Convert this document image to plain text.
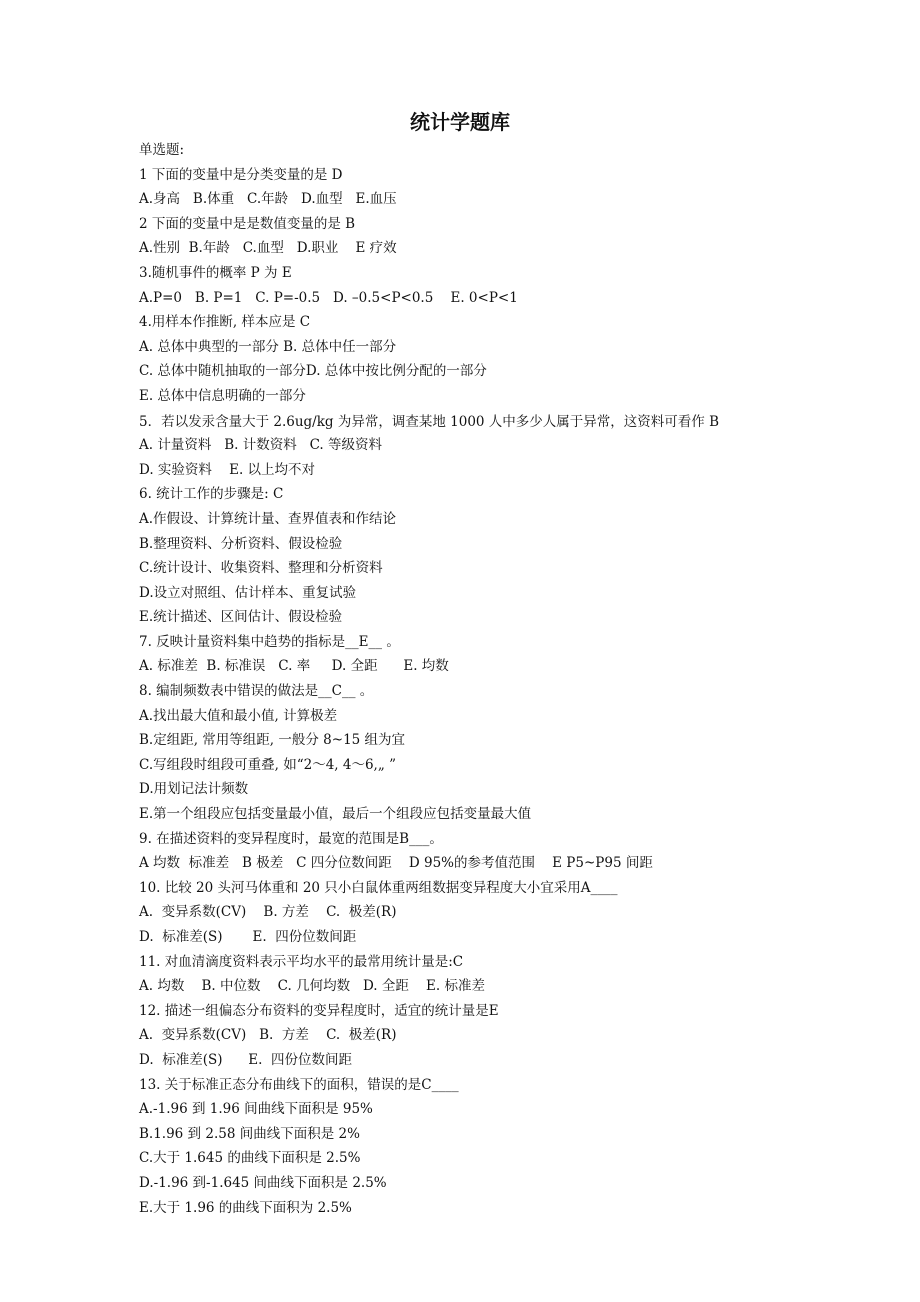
统计学题库

单选题:

1 下面的变量中是分类变量的是 D

A.身高   B.体重   C.年龄   D.血型   E.血压

2 下面的变量中是是数值变量的是 B

A.性别  B.年龄   C.血型   D.职业    E 疗效

3.随机事件的概率 P 为 E

A.P=0   B. P=1   C. P=-0.5   D. –0.5<P<0.5    E. 0<P<1

4.用样本作推断, 样本应是 C

A. 总体中典型的一部分 B. 总体中任一部分

C. 总体中随机抽取的一部分D. 总体中按比例分配的一部分

E. 总体中信息明确的一部分

5．若以发汞含量大于 2.6ug/kg 为异常，调查某地 1000 人中多少人属于异常，这资料可看作 B

A. 计量资料   B. 计数资料   C. 等级资料

D. 实验资料    E. 以上均不对

6. 统计工作的步骤是: C

A.作假设、计算统计量、查界值表和作结论

B.整理资料、分析资料、假设检验

C.统计设计、收集资料、整理和分析资料

D.设立对照组、估计样本、重复试验

E.统计描述、区间估计、假设检验

7. 反映计量资料集中趋势的指标是__E__ 。

A. 标准差  B. 标准误   C. 率     D. 全距      E. 均数

8. 编制频数表中错误的做法是__C__ 。

A.找出最大值和最小值, 计算极差

B.定组距, 常用等组距, 一般分 8~15 组为宜

C.写组段时组段可重叠, 如“2～4, 4～6,„ ”

D.用划记法计频数

E.第一个组段应包括变量最小值，最后一个组段应包括变量最大值

9. 在描述资料的变异程度时，最宽的范围是B___。

A 均数  标准差   B 极差   C 四分位数间距    D 95%的参考值范围    E P5~P95 间距

10. 比较 20 头河马体重和 20 只小白鼠体重两组数据变异程度大小宜采用A____

A.  变异系数(CV)    B. 方差    C.  极差(R)

D.  标准差(S)       E.  四份位数间距

11. 对血清滴度资料表示平均水平的最常用统计量是:C

A. 均数    B. 中位数    C. 几何均数   D. 全距    E. 标准差

12. 描述一组偏态分布资料的变异程度时，适宜的统计量是E

A.  变异系数(CV)   B.  方差    C.  极差(R)

D.  标准差(S)      E.  四份位数间距

13. 关于标准正态分布曲线下的面积，错误的是C____

A.-1.96 到 1.96 间曲线下面积是 95%

B.1.96 到 2.58 间曲线下面积是 2%

C.大于 1.645 的曲线下面积是 2.5%

D.-1.96 到-1.645 间曲线下面积是 2.5%

E.大于 1.96 的曲线下面积为 2.5%
